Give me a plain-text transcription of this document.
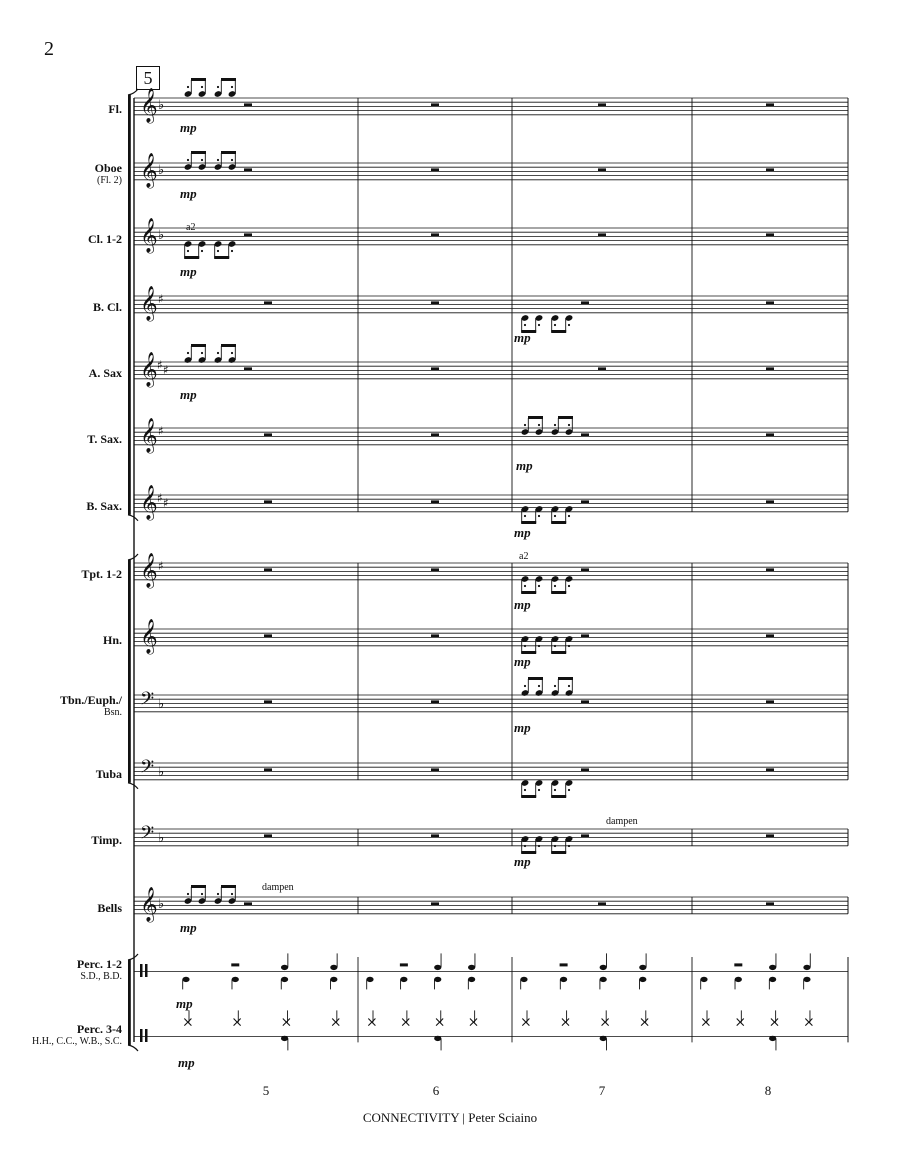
2
5
𝄞 ♭
𝄞 ♭
𝄞 ♭
𝄞 ♯
𝄞 ♯ ♯
𝄞 ♯
𝄞 ♯ ♯
𝄞 ♯
𝄞
𝄢 ♭
𝄢 ♭
𝄢 ♭
𝄞 ♭
×	×	×	× × × × ×	× × × ×	× × × ×
Fl.
Oboe
(Fl. 2)
Cl. 1-2
B. Cl.
A. Sax
T. Sax.
B. Sax.
Tpt. 1-2
Hn.
Tbn./Euph./
Bsn.
Tuba
Timp.
Bells
Perc. 1-2
S.D., B.D.
Perc. 3-4
H.H., C.C., W.B., S.C.
mp
mp
mp
mp
mp
mp
mp
mp
mp
mp
mp
mp
mp
mp
a2
a2
dampen
dampen
5	6	7	8
CONNECTIVITY | Peter Sciaino
